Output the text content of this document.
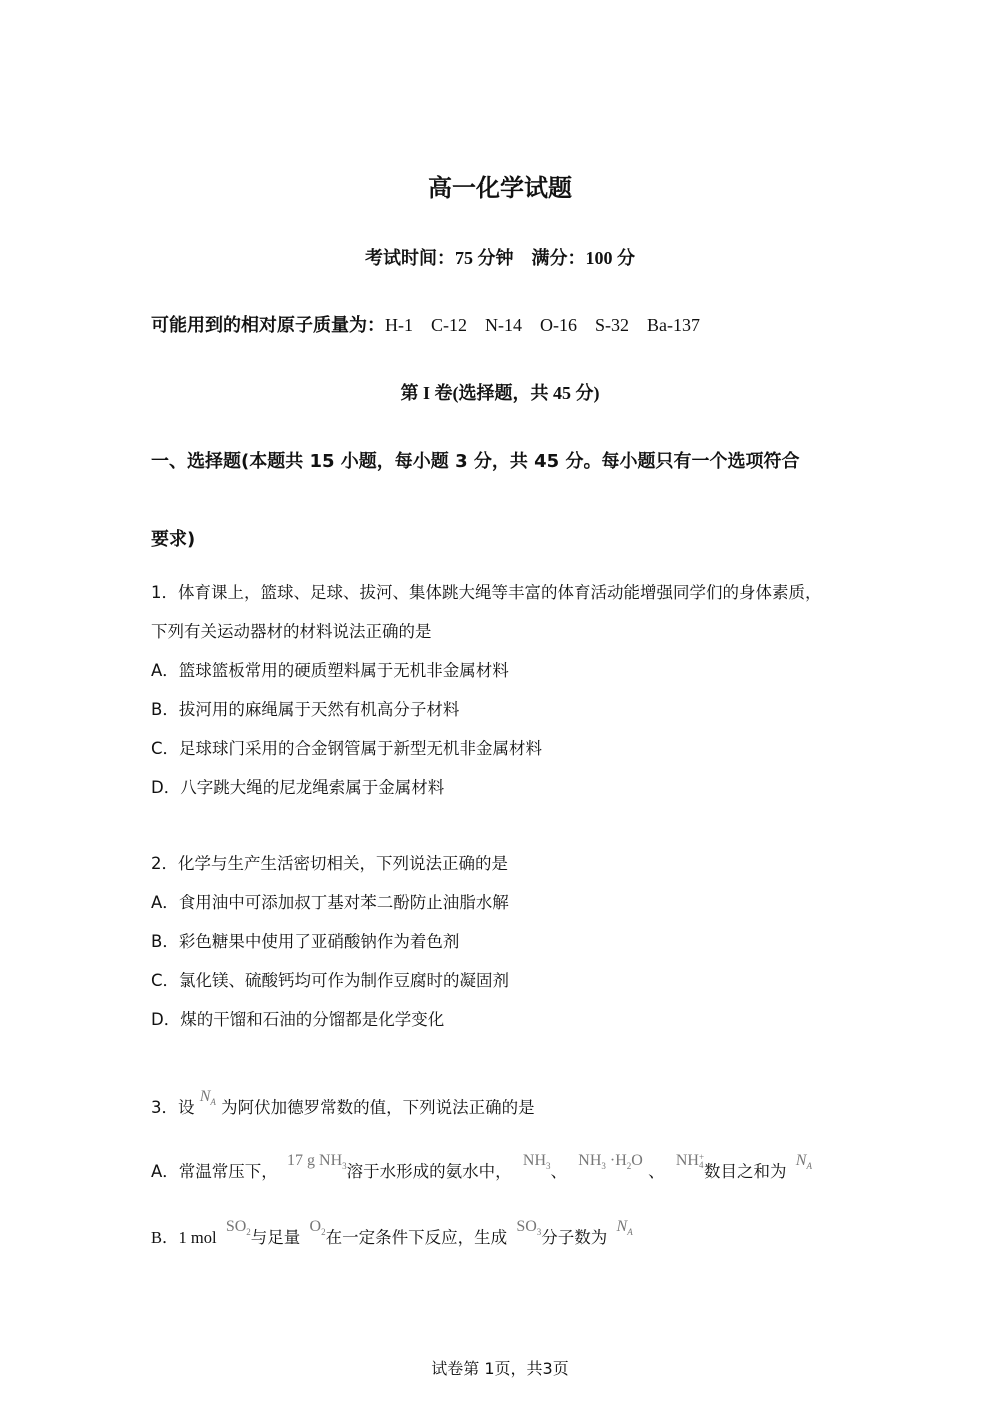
高一化学试题
考试时间：75 分钟　满分：100 分
可能用到的相对原子质量为：H-1　C-12　N-14　O-16　S-32　Ba-137
第 I 卷(选择题，共 45 分)
一、选择题(本题共 15 小题，每小题 3 分，共 45 分。每小题只有一个选项符合
要求)
1．体育课上，篮球、足球、拔河、集体跳大绳等丰富的体育活动能增强同学们的身体素质，
下列有关运动器材的材料说法正确的是
A．篮球篮板常用的硬质塑料属于无机非金属材料
B．拔河用的麻绳属于天然有机高分子材料
C．足球球门采用的合金钢管属于新型无机非金属材料
D．八字跳大绳的尼龙绳索属于金属材料
2．化学与生产生活密切相关，下列说法正确的是
A．食用油中可添加叔丁基对苯二酚防止油脂水解
B．彩色糖果中使用了亚硝酸钠作为着色剂
C．氯化镁、硫酸钙均可作为制作豆腐时的凝固剂
D．煤的干馏和石油的分馏都是化学变化
3．设 $N_A$ 为阿伏加德罗常数的值，下列说法正确的是
A．常温常压下， 17 g $NH_3$溶于水形成的氨水中， $NH_3$、 $NH_3 \cdot H_2O$ 、 NH +
4 数目之和为 $N_A$
B．1 mol $SO_2$与足量 $O_2$在一定条件下反应，生成 $SO_3$分子数为 $N_A$
试卷第 1页，共3页
